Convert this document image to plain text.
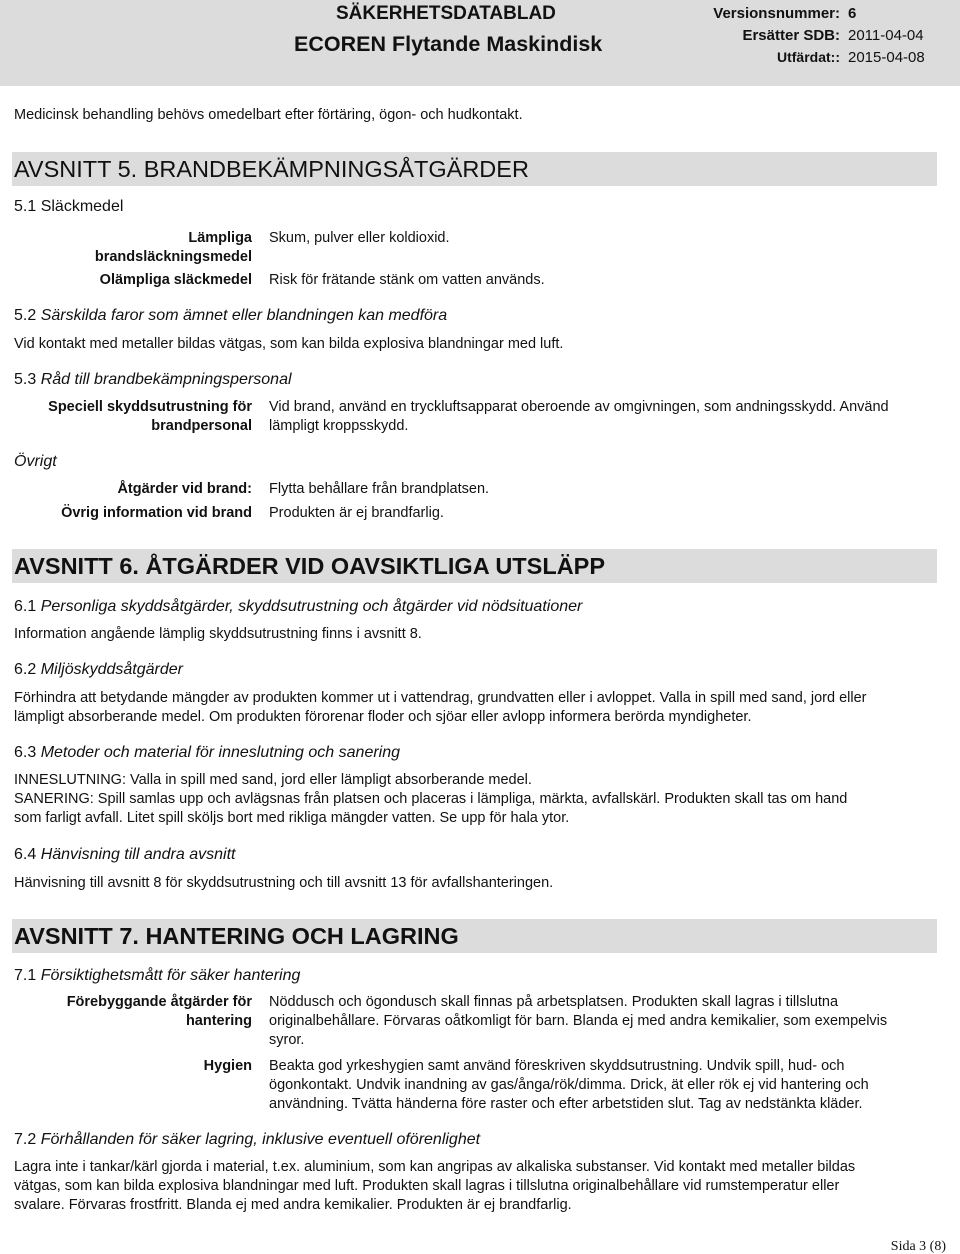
SÄKERHETSDATABLAD
ECOREN Flytande Maskindisk
Versionsnummer: 6
Ersätter SDB: 2011-04-04
Utfärdat:: 2015-04-08
Medicinsk behandling behövs omedelbart efter förtäring, ögon- och hudkontakt.
AVSNITT 5. BRANDBEKÄMPNINGSÅTGÄRDER
5.1 Släckmedel
Lämpliga
brandsläckningsmedel
Skum, pulver eller koldioxid.
Olämpliga släckmedel Risk för frätande stänk om vatten används.
5.2 Särskilda faror som ämnet eller blandningen kan medföra
Vid kontakt med metaller bildas vätgas, som kan bilda explosiva blandningar med luft.
5.3 Råd till brandbekämpningspersonal
Speciell skyddsutrustning för
brandpersonal
Vid brand, använd en tryckluftsapparat oberoende av omgivningen, som andningsskydd. Använd
lämpligt kroppsskydd.
Övrigt
Åtgärder vid brand: Flytta behållare från brandplatsen.
Övrig information vid brand Produkten är ej brandfarlig.
AVSNITT 6. ÅTGÄRDER VID OAVSIKTLIGA UTSLÄPP
6.1 Personliga skyddsåtgärder, skyddsutrustning och åtgärder vid nödsituationer
Information angående lämplig skyddsutrustning finns i avsnitt 8.
6.2 Miljöskyddsåtgärder
Förhindra att betydande mängder av produkten kommer ut i vattendrag, grundvatten eller i avloppet. Valla in spill med sand, jord eller
lämpligt absorberande medel. Om produkten förorenar floder och sjöar eller avlopp informera berörda myndigheter.
6.3 Metoder och material för inneslutning och sanering
INNESLUTNING: Valla in spill med sand, jord eller lämpligt absorberande medel.
SANERING: Spill samlas upp och avlägsnas från platsen och placeras i lämpliga, märkta, avfallskärl. Produkten skall tas om hand
som farligt avfall. Litet spill sköljs bort med rikliga mängder vatten. Se upp för hala ytor.
6.4 Hänvisning till andra avsnitt
Hänvisning till avsnitt 8 för skyddsutrustning och till avsnitt 13 för avfallshanteringen.
AVSNITT 7. HANTERING OCH LAGRING
7.1 Försiktighetsmått för säker hantering
Förebyggande åtgärder för
hantering
Nöddusch och ögondusch skall finnas på arbetsplatsen. Produkten skall lagras i tillslutna
originalbehållare. Förvaras oåtkomligt för barn. Blanda ej med andra kemikalier, som exempelvis
syror.
Hygien Beakta god yrkeshygien samt använd föreskriven skyddsutrustning. Undvik spill, hud- och
ögonkontakt. Undvik inandning av gas/ånga/rök/dimma. Drick, ät eller rök ej vid hantering och
användning. Tvätta händerna före raster och efter arbetstiden slut. Tag av nedstänkta kläder.
7.2 Förhållanden för säker lagring, inklusive eventuell oförenlighet
Lagra inte i tankar/kärl gjorda i material, t.ex. aluminium, som kan angripas av alkaliska substanser. Vid kontakt med metaller bildas
vätgas, som kan bilda explosiva blandningar med luft. Produkten skall lagras i tillslutna originalbehållare vid rumstemperatur eller
svalare. Förvaras frostfritt. Blanda ej med andra kemikalier. Produkten är ej brandfarlig.
Sida 3 (8)
